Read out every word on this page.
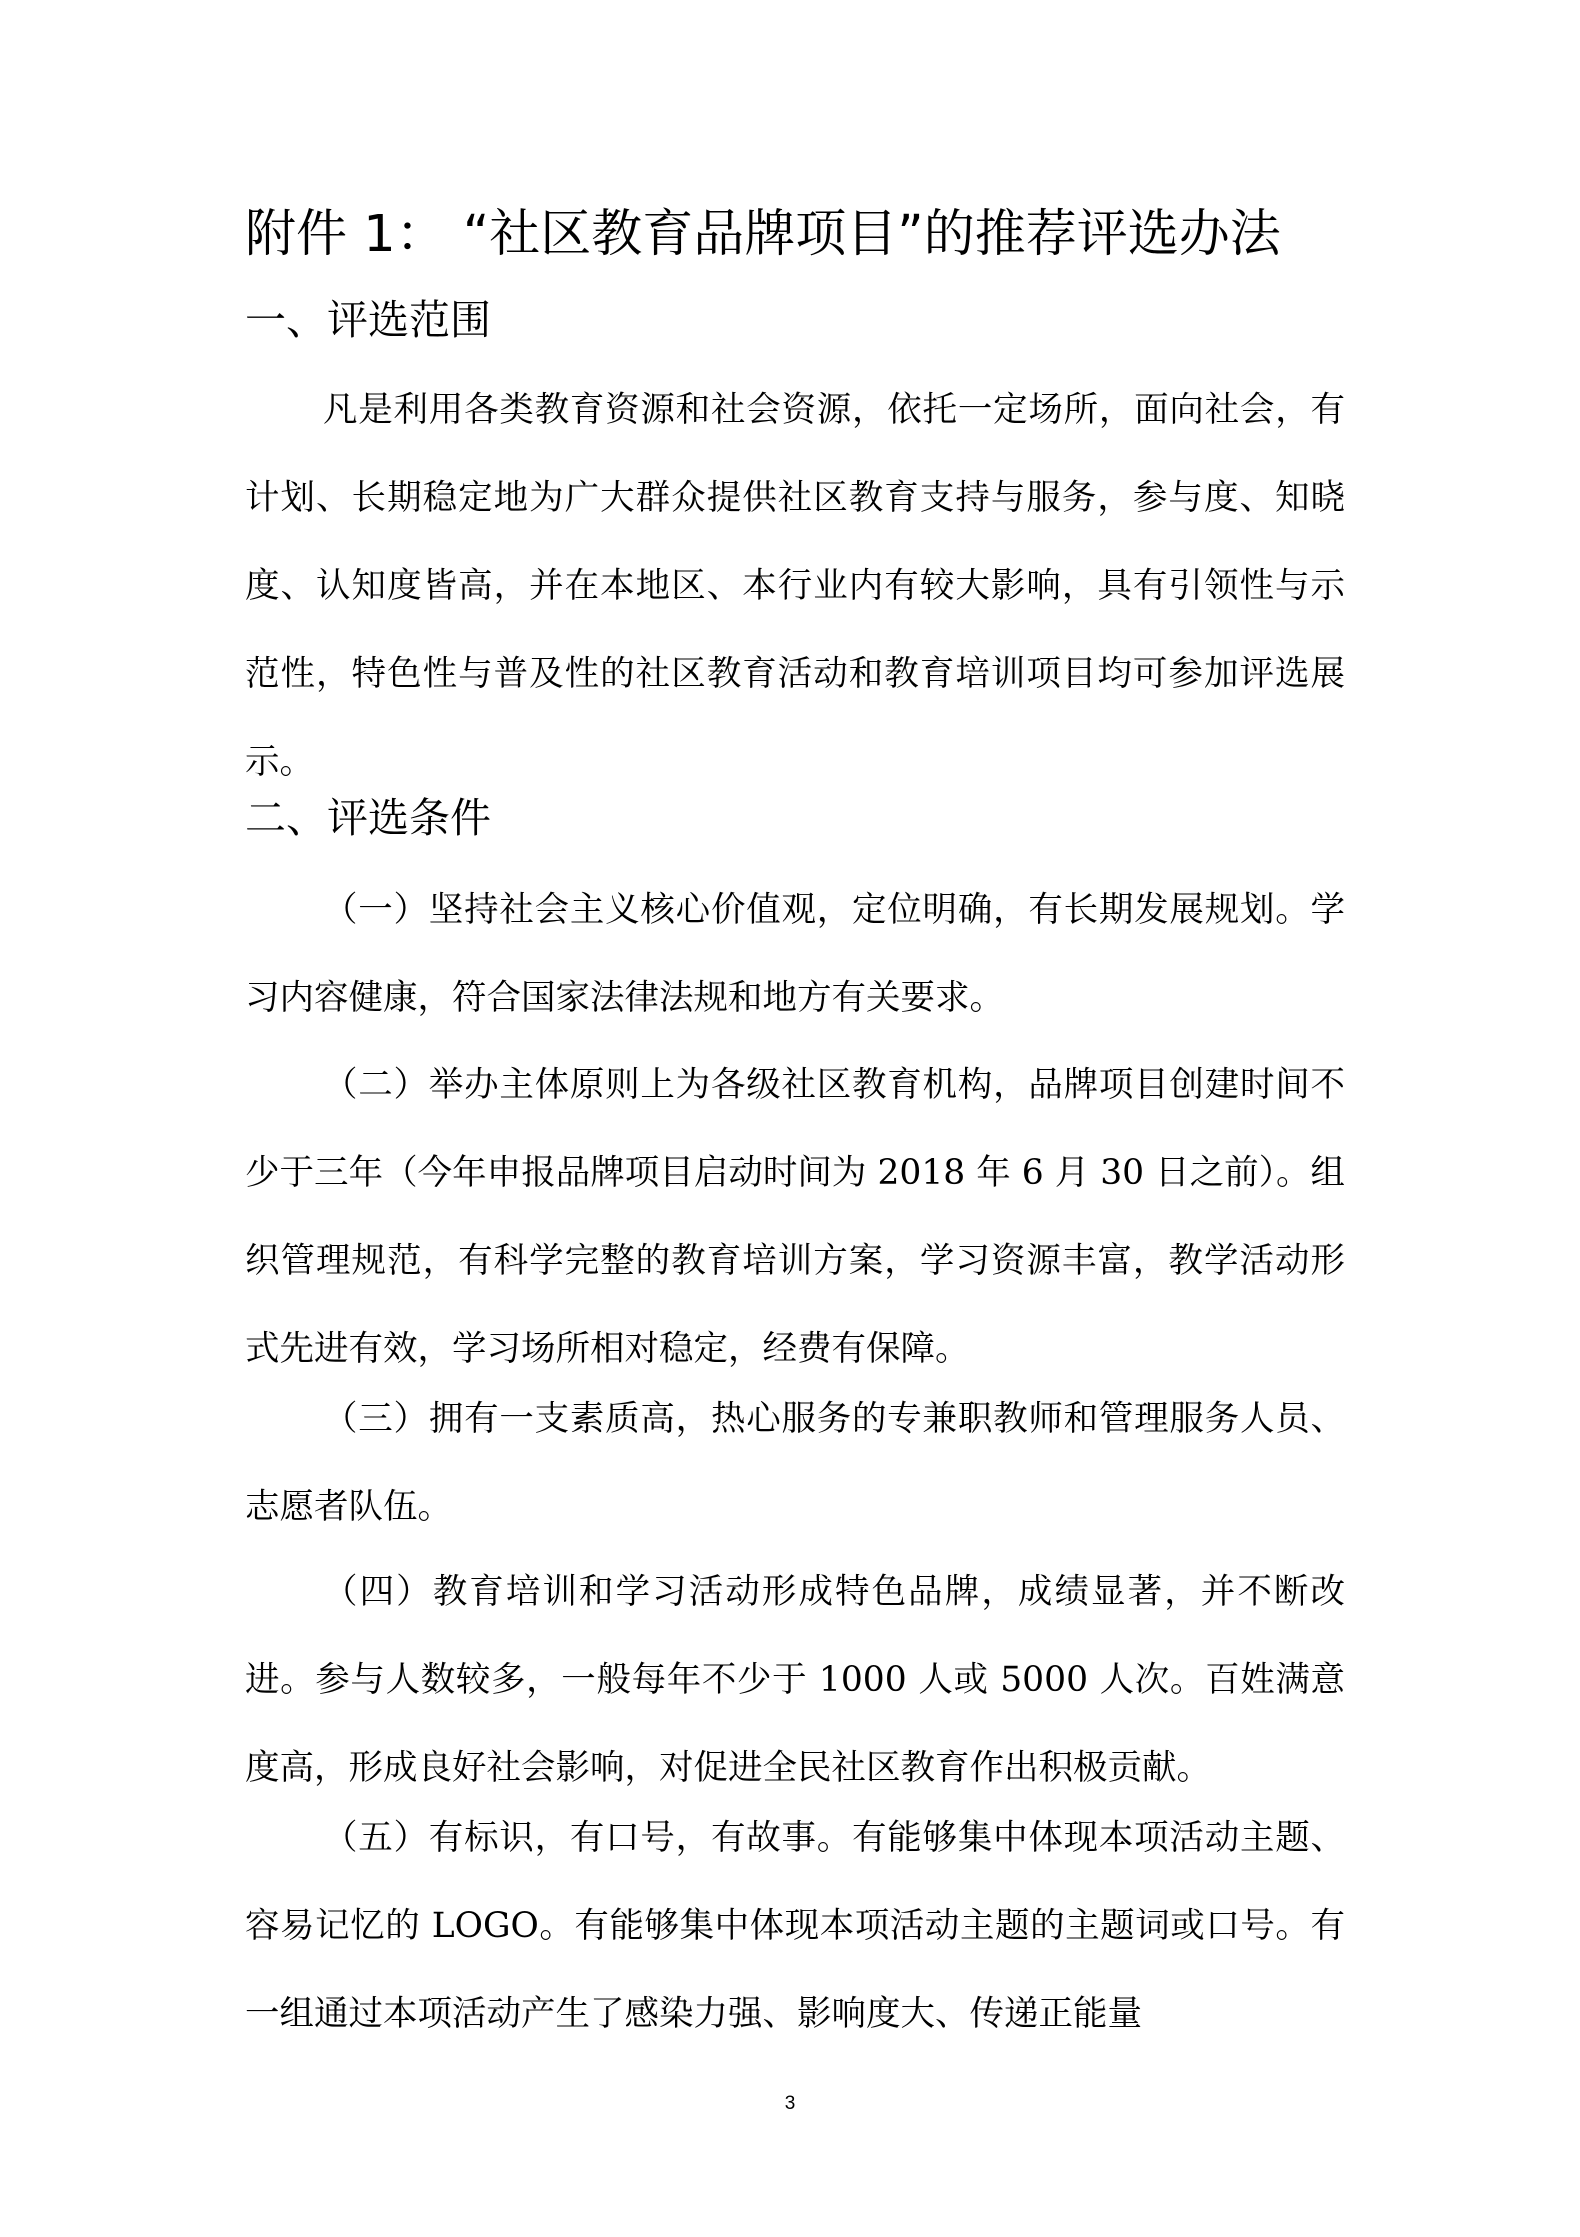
附件 1： “社区教育品牌项目”的推荐评选办法
一、评选范围

凡是利用各类教育资源和社会资源，依托一定场所，面向社会，有计划、长期稳定地为广大群众提供社区教育支持与服务，参与度、知晓度、认知度皆高，并在本地区、本行业内有较大影响，具有引领性与示范性，特色性与普及性的社区教育活动和教育培训项目均可参加评选展示。

二、评选条件

（一）坚持社会主义核心价值观，定位明确，有长期发展规划。学习内容健康，符合国家法律法规和地方有关要求。

（二）举办主体原则上为各级社区教育机构，品牌项目创建时间不少于三年（今年申报品牌项目启动时间为 2018 年 6 月 30 日之前）。组织管理规范，有科学完整的教育培训方案，学习资源丰富，教学活动形式先进有效，学习场所相对稳定，经费有保障。

（三）拥有一支素质高，热心服务的专兼职教师和管理服务人员、志愿者队伍。

（四）教育培训和学习活动形成特色品牌，成绩显著，并不断改进。参与人数较多，一般每年不少于 1000 人或 5000 人次。百姓满意度高，形成良好社会影响，对促进全民社区教育作出积极贡献。

（五）有标识，有口号，有故事。有能够集中体现本项活动主题、容易记忆的 LOGO。有能够集中体现本项活动主题的主题词或口号。有一组通过本项活动产生了感染力强、影响度大、传递正能量

3
